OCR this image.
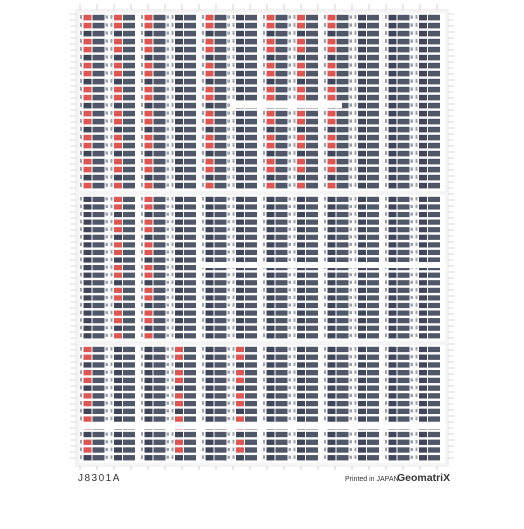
大阪 青森 大阪 金沢 富山 大阪 青森 新潟 金沢 金沢 大阪
J8301A	Printed in JAPAN
GeomatriX
